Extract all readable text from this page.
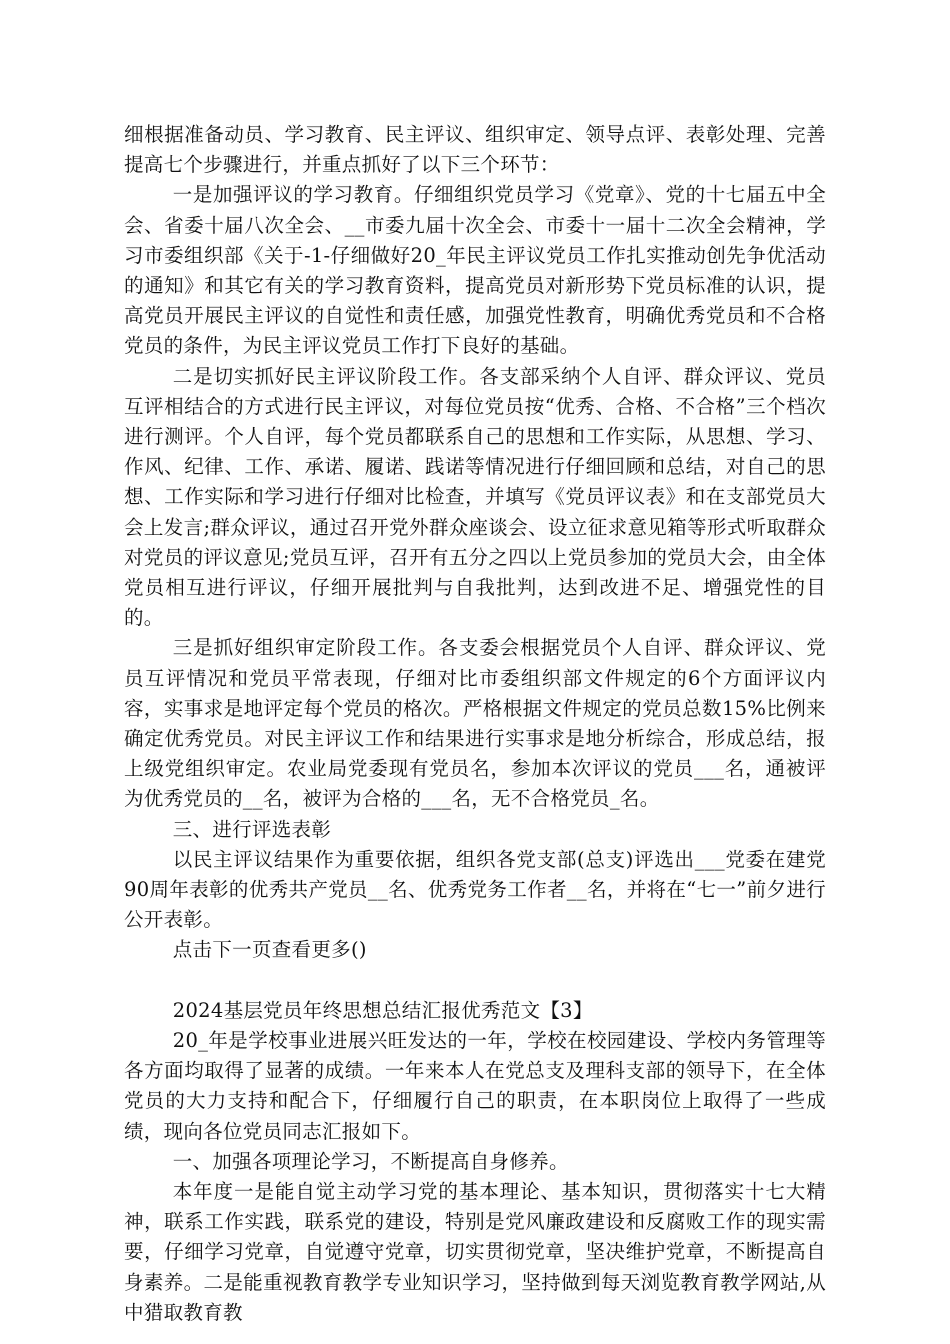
细根据准备动员、学习教育、民主评议、组织审定、领导点评、表彰处理、完善提高七个步骤进行，并重点抓好了以下三个环节：

一是加强评议的学习教育。仔细组织党员学习《党章》、党的十七届五中全会、省委十届八次全会、__市委九届十次全会、市委十一届十二次全会精神，学习市委组织部《关于-1-仔细做好20_年民主评议党员工作扎实推动创先争优活动的通知》和其它有关的学习教育资料，提高党员对新形势下党员标准的认识，提高党员开展民主评议的自觉性和责任感，加强党性教育，明确优秀党员和不合格党员的条件，为民主评议党员工作打下良好的基础。

二是切实抓好民主评议阶段工作。各支部采纳个人自评、群众评议、党员互评相结合的方式进行民主评议，对每位党员按“优秀、合格、不合格”三个档次进行测评。个人自评，每个党员都联系自己的思想和工作实际，从思想、学习、作风、纪律、工作、承诺、履诺、践诺等情况进行仔细回顾和总结，对自己的思想、工作实际和学习进行仔细对比检查，并填写《党员评议表》和在支部党员大会上发言;群众评议，通过召开党外群众座谈会、设立征求意见箱等形式听取群众对党员的评议意见;党员互评，召开有五分之四以上党员参加的党员大会，由全体党员相互进行评议，仔细开展批判与自我批判，达到改进不足、增强党性的目的。

三是抓好组织审定阶段工作。各支委会根据党员个人自评、群众评议、党员互评情况和党员平常表现，仔细对比市委组织部文件规定的6个方面评议内容，实事求是地评定每个党员的格次。严格根据文件规定的党员总数15%比例来确定优秀党员。对民主评议工作和结果进行实事求是地分析综合，形成总结，报上级党组织审定。农业局党委现有党员名，参加本次评议的党员___名，通被评为优秀党员的__名，被评为合格的___名，无不合格党员_名。

三、进行评选表彰

以民主评议结果作为重要依据，组织各党支部(总支)评选出___党委在建党90周年表彰的优秀共产党员__名、优秀党务工作者__名，并将在“七一”前夕进行公开表彰。

点击下一页查看更多()

2024基层党员年终思想总结汇报优秀范文【3】

20_年是学校事业进展兴旺发达的一年，学校在校园建设、学校内务管理等各方面均取得了显著的成绩。一年来本人在党总支及理科支部的领导下，在全体党员的大力支持和配合下，仔细履行自己的职责，在本职岗位上取得了一些成绩，现向各位党员同志汇报如下。

一、加强各项理论学习，不断提高自身修养。

本年度一是能自觉主动学习党的基本理论、基本知识，贯彻落实十七大精神，联系工作实践，联系党的建设，特别是党风廉政建设和反腐败工作的现实需要，仔细学习党章，自觉遵守党章，切实贯彻党章，坚决维护党章，不断提高自身素养。二是能重视教育教学专业知识学习，坚持做到每天浏览教育教学网站,从中猎取教育教
